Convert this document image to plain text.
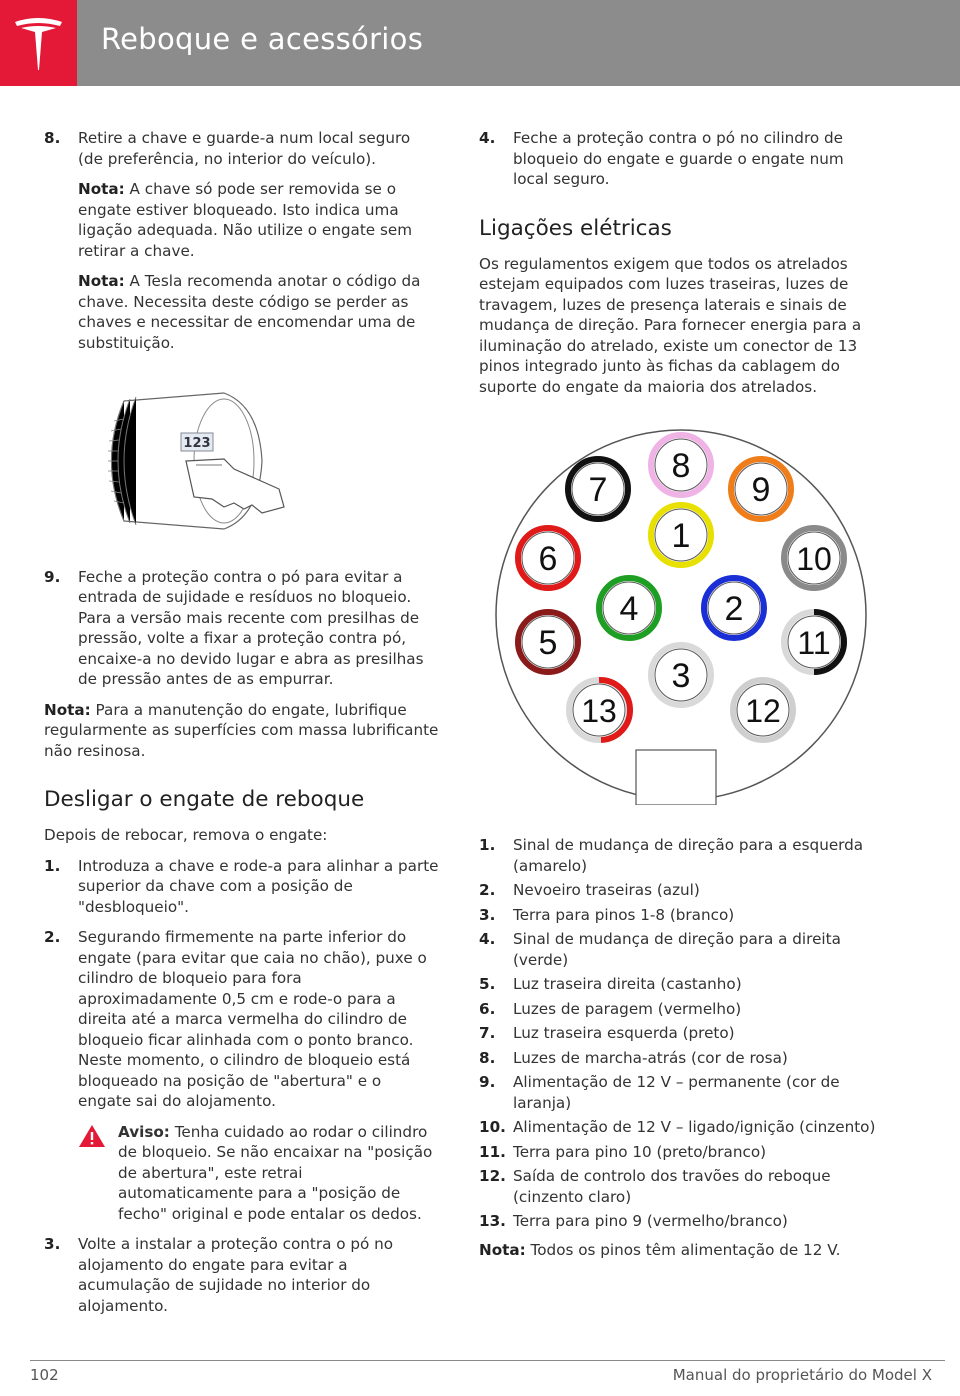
Reboque e acessórios
8. Retire a chave e guarde-a num local seguro (de preferência, no interior do veículo).

Nota: A chave só pode ser removida se o engate estiver bloqueado. Isto indica uma ligação adequada. Não utilize o engate sem retirar a chave.

Nota: A Tesla recomenda anotar o código da chave. Necessita deste código se perder as chaves e necessitar de encomendar uma de substituição.

123
9. Feche a proteção contra o pó para evitar a entrada de sujidade e resíduos no bloqueio. Para a versão mais recente com presilhas de pressão, volte a fixar a proteção contra pó, encaixe-a no devido lugar e abra as presilhas de pressão antes de as empurrar.

Nota: Para a manutenção do engate, lubrifique regularmente as superfícies com massa lubrificante não resinosa.

Desligar o engate de reboque

Depois de rebocar, remova o engate:

1. Introduza a chave e rode-a para alinhar a parte superior da chave com a posição de "desbloqueio".
2. Segurando firmemente na parte inferior do engate (para evitar que caia no chão), puxe o cilindro de bloqueio para fora aproximadamente 0,5 cm e rode-o para a direita até a marca vermelha do cilindro de bloqueio ficar alinhada com o ponto branco. Neste momento, o cilindro de bloqueio está bloqueado na posição de "abertura" e o engate sai do alojamento.
Aviso: Tenha cuidado ao rodar o cilindro de bloqueio. Se não encaixar na "posição de abertura", este retrai automaticamente para a "posição de fecho" original e pode entalar os dedos.
3. Volte a instalar a proteção contra o pó no alojamento do engate para evitar a acumulação de sujidade no interior do alojamento.
4. Feche a proteção contra o pó no cilindro de bloqueio do engate e guarde o engate num local seguro.
Ligações elétricas

Os regulamentos exigem que todos os atrelados estejam equipados com luzes traseiras, luzes de travagem, luzes de presença laterais e sinais de mudança de direção. Para fornecer energia para a iluminação do atrelado, existe um conector de 13 pinos integrado junto às fichas da cablagem do suporte do engate da maioria dos atrelados.

1
2
3
4
5
6
7
8
9
10
11
12
13
1. Sinal de mudança de direção para a esquerda (amarelo)
2. Nevoeiro traseiras (azul)
3. Terra para pinos 1-8 (branco)
4. Sinal de mudança de direção para a direita (verde)
5. Luz traseira direita (castanho)
6. Luzes de paragem (vermelho)
7. Luz traseira esquerda (preto)
8. Luzes de marcha-atrás (cor de rosa)
9. Alimentação de 12 V – permanente (cor de laranja)
10. Alimentação de 12 V – ligado/ignição (cinzento)
11. Terra para pino 10 (preto/branco)
12. Saída de controlo dos travões do reboque (cinzento claro)
13. Terra para pino 9 (vermelho/branco)

Nota: Todos os pinos têm alimentação de 12 V.

102	Manual do proprietário do Model X
